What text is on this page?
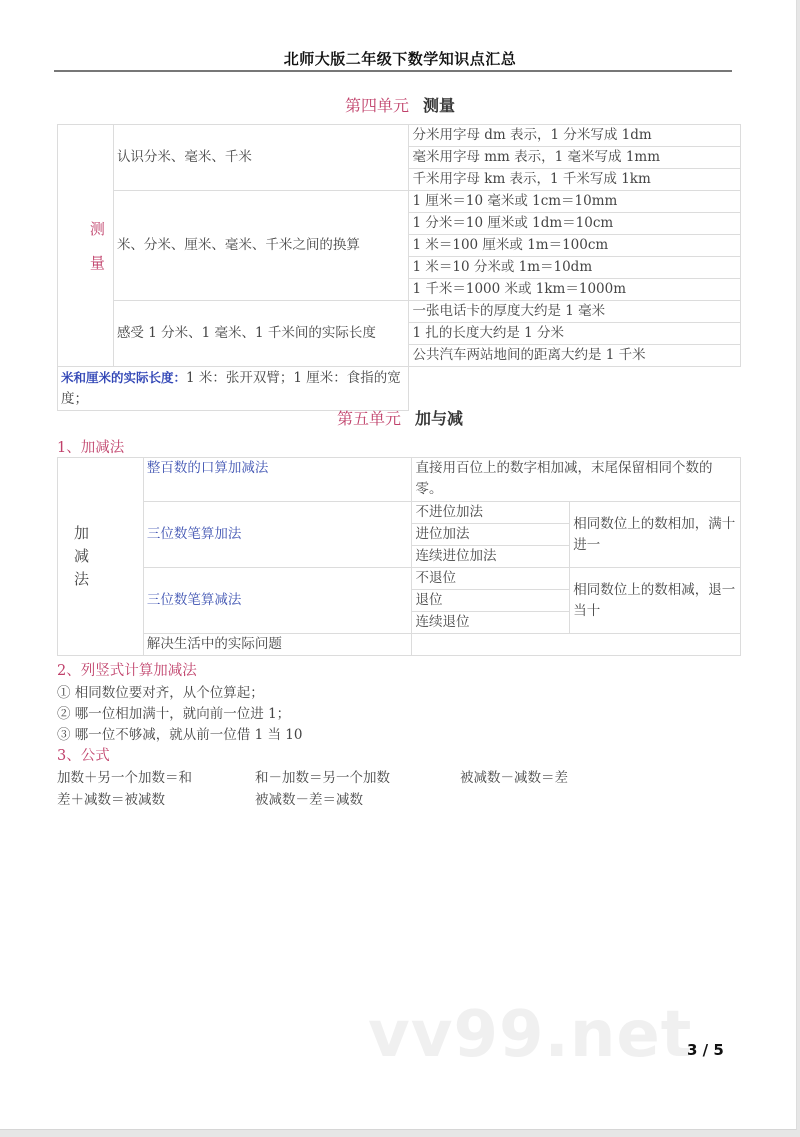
北师大版二年级下数学知识点汇总
第四单元 测量
测
量	认识分米、毫米、千米	分米用字母 dm 表示，1 分米写成 1dm
		毫米用字母 mm 表示，1 毫米写成 1mm
		千米用字母 km 表示，1 千米写成 1km
	米、分米、厘米、毫米、千米之间的换算	1 厘米＝10 毫米或 1cm＝10mm
		1 分米＝10 厘米或 1dm＝10cm
		1 米＝100 厘米或 1m＝100cm
		1 米＝10 分米或 1m＝10dm
		1 千米＝1000 米或 1km＝1000m
	感受 1 分米、1 毫米、1 千米间的实际长度	一张电话卡的厚度大约是 1 毫米
		1 扎的长度大约是 1 分米
		公共汽车两站地间的距离大约是 1 千米
米和厘米的实际长度：1 米：张开双臂；1 厘米：食指的宽度；		
第五单元 加与减
1、加减法
加
减
法	整百数的口算加减法	直接用百位上的数字相加减，末尾保留相同个数的零。	
	三位数笔算加法	不进位加法	相同数位上的数相加，满十进一
		进位加法	
		连续进位加法	
	三位数笔算减法	不退位	相同数位上的数相减，退一当十
		退位	
		连续退位	
	解决生活中的实际问题		
2、列竖式计算加减法
① 相同数位要对齐，从个位算起；
② 哪一位相加满十，就向前一位进 1；
③ 哪一位不够减，就从前一位借 1 当 10
3、公式
加数＋另一个加数＝和	和－加数＝另一个加数	被减数－减数＝差
差＋减数＝被减数	被减数－差＝减数
vv99.net
3 / 5
